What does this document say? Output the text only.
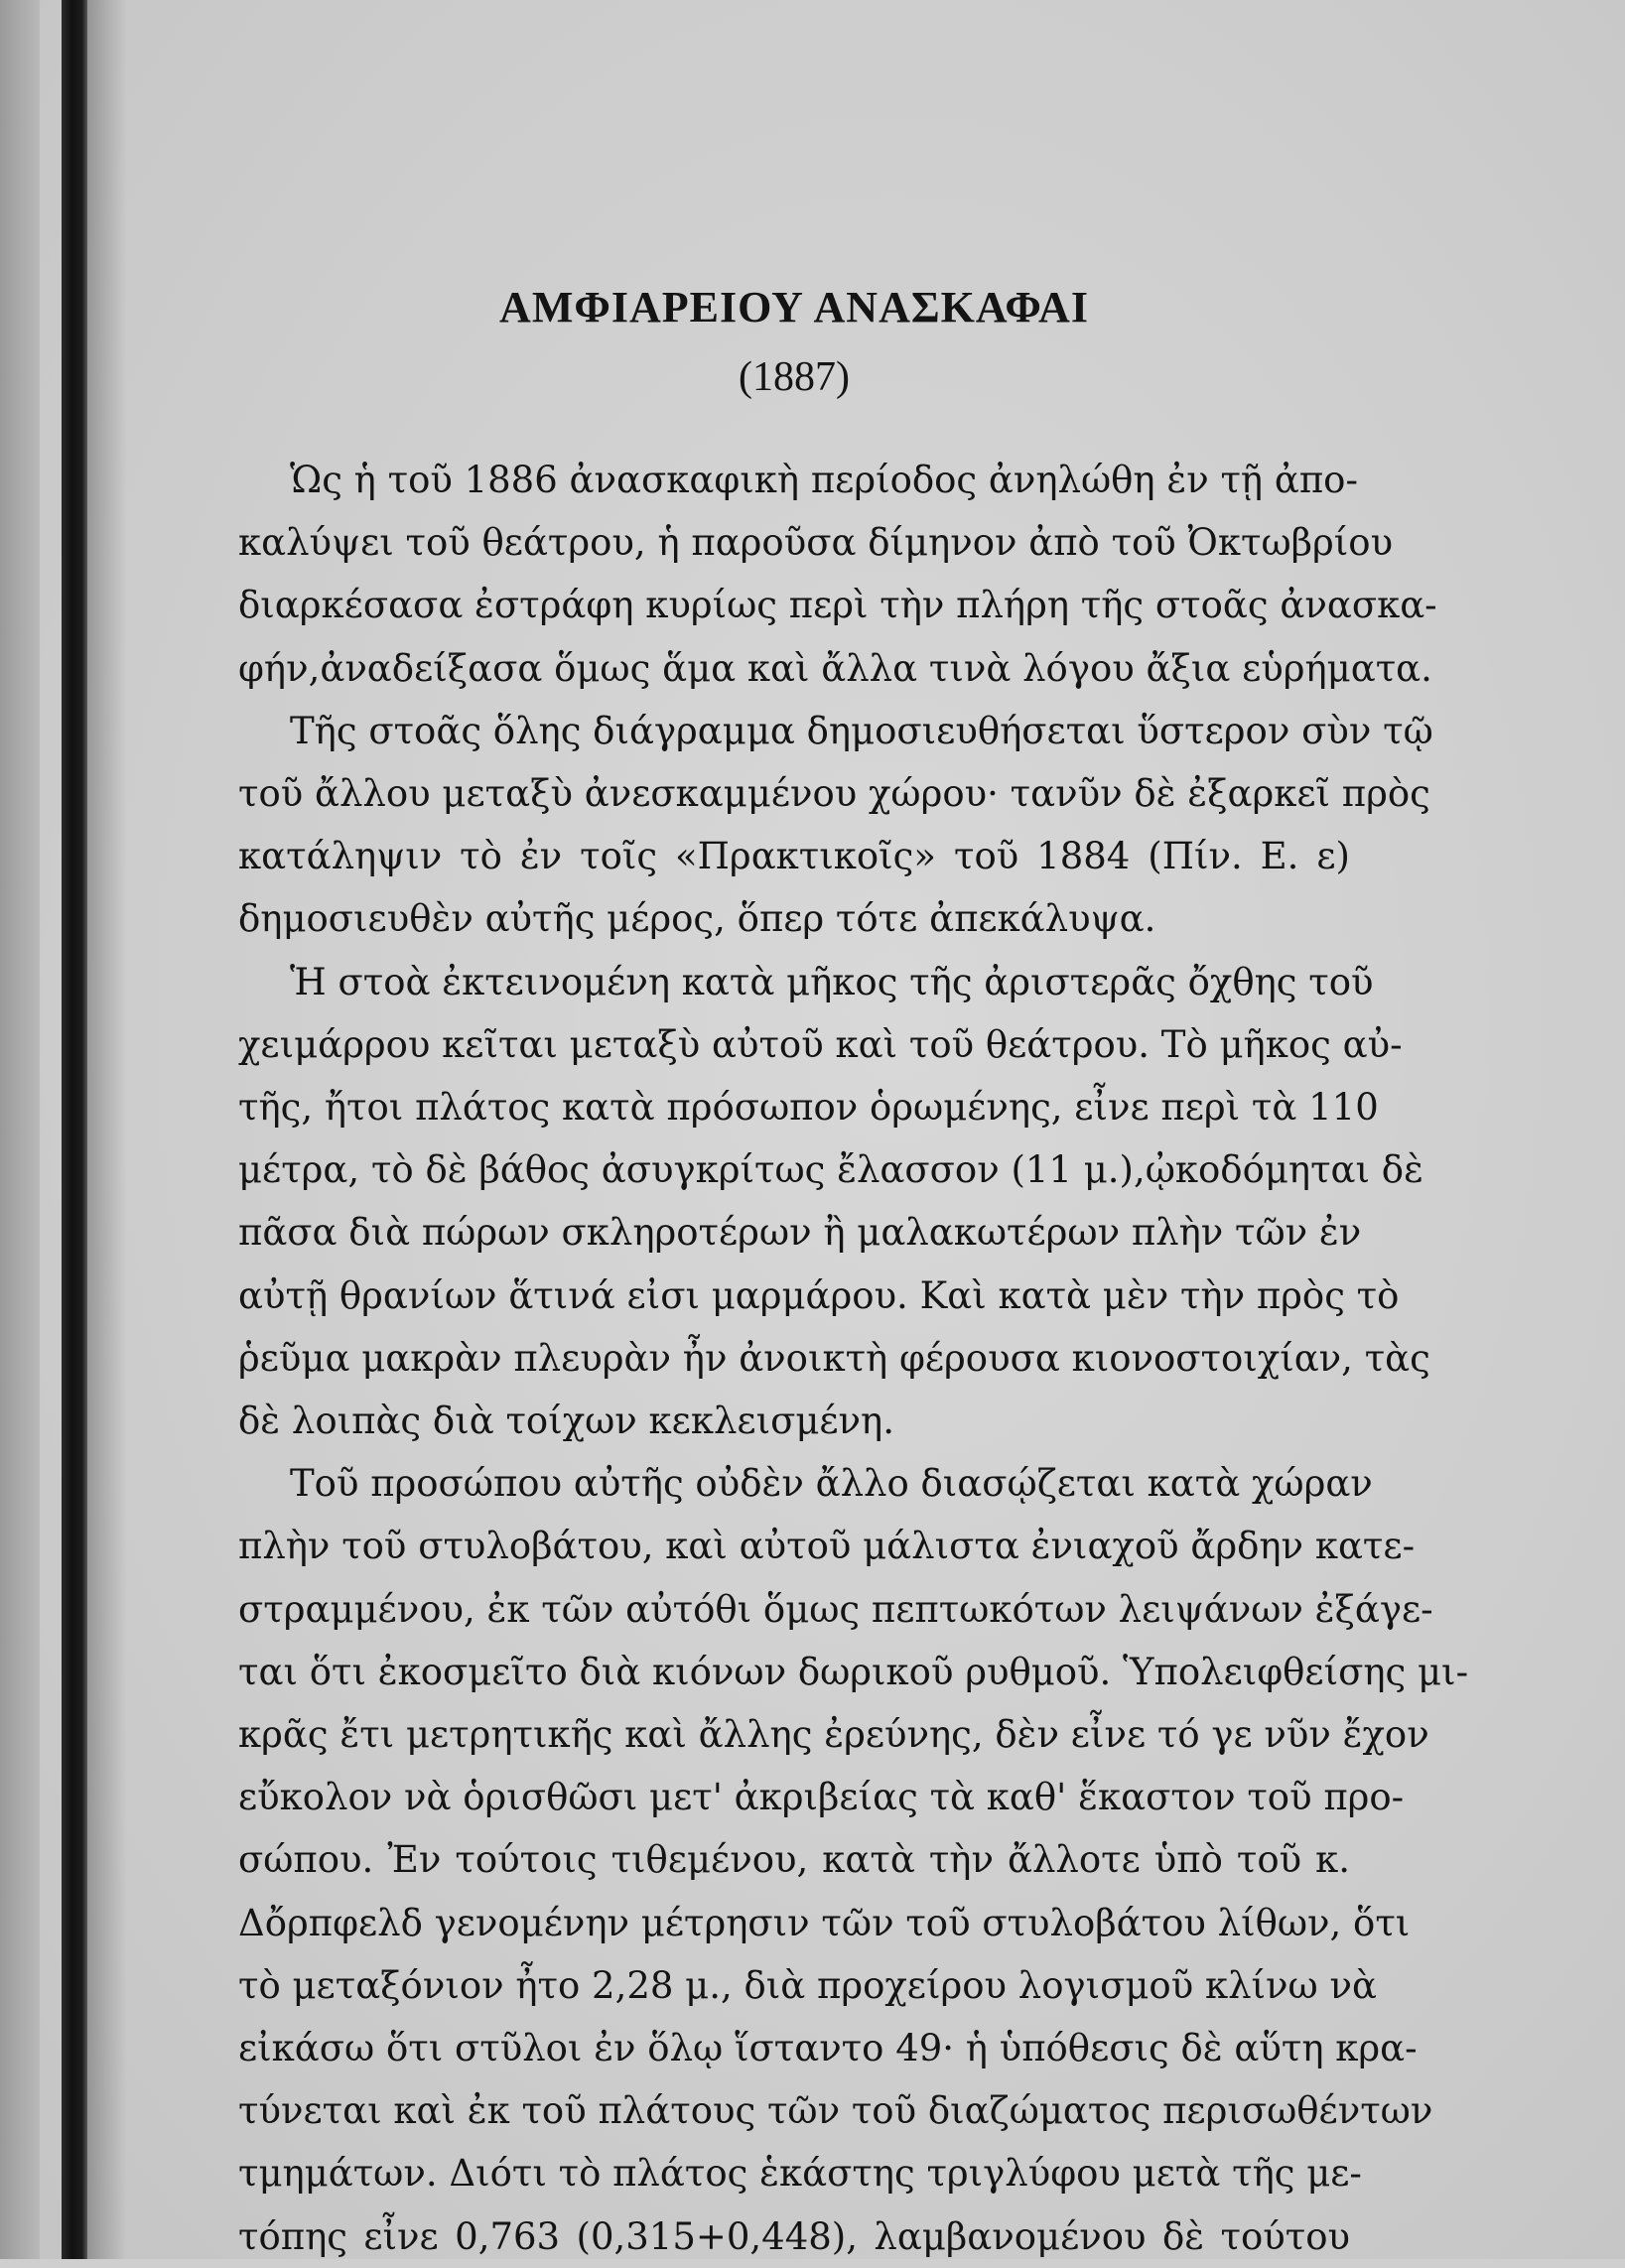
ΑΜΦΙΑΡΕΙΟΥ ΑΝΑΣΚΑΦΑΙ
(1887)
Ὡς ἡ τοῦ 1886 ἀνασκαφικὴ περίοδος ἀνηλώθη ἐν τῇ ἀπο-
καλύψει τοῦ θεάτρου, ἡ παροῦσα δίμηνον ἀπὸ τοῦ Ὀκτωβρίου
διαρκέσασα ἐστράφη κυρίως περὶ τὴν πλήρη τῆς στοᾶς ἀνασκα-
φήν,ἀναδείξασα ὅμως ἅμα καὶ ἄλλα τινὰ λόγου ἄξια εὑρήματα.
Τῆς στοᾶς ὅλης διάγραμμα δημοσιευθήσεται ὕστερον σὺν τῷ
τοῦ ἄλλου μεταξὺ ἀνεσκαμμένου χώρου· τανῦν δὲ ἐξαρκεῖ πρὸς
κατάληψιν τὸ ἐν τοῖς «Πρακτικοῖς» τοῦ 1884 (Πίν. Ε. ε)
δημοσιευθὲν αὐτῆς μέρος, ὅπερ τότε ἀπεκάλυψα.
Ἡ στοὰ ἐκτεινομένη κατὰ μῆκος τῆς ἀριστερᾶς ὄχθης τοῦ
χειμάρρου κεῖται μεταξὺ αὐτοῦ καὶ τοῦ θεάτρου. Τὸ μῆκος αὐ-
τῆς, ἤτοι πλάτος κατὰ πρόσωπον ὁρωμένης, εἶνε περὶ τὰ 110
μέτρα, τὸ δὲ βάθος ἀσυγκρίτως ἔλασσον (11 μ.),ᾠκοδόμηται δὲ
πᾶσα διὰ πώρων σκληροτέρων ἢ μαλακωτέρων πλὴν τῶν ἐν
αὐτῇ θρανίων ἅτινά εἰσι μαρμάρου. Καὶ κατὰ μὲν τὴν πρὸς τὸ
ῥεῦμα μακρὰν πλευρὰν ἦν ἀνοικτὴ φέρουσα κιονοστοιχίαν, τὰς
δὲ λοιπὰς διὰ τοίχων κεκλεισμένη.
Τοῦ προσώπου αὐτῆς οὐδὲν ἄλλο διασῴζεται κατὰ χώραν
πλὴν τοῦ στυλοβάτου, καὶ αὐτοῦ μάλιστα ἐνιαχοῦ ἄρδην κατε-
στραμμένου, ἐκ τῶν αὐτόθι ὅμως πεπτωκότων λειψάνων ἐξάγε-
ται ὅτι ἐκοσμεῖτο διὰ κιόνων δωρικοῦ ρυθμοῦ. Ὑπολειφθείσης μι-
κρᾶς ἔτι μετρητικῆς καὶ ἄλλης ἐρεύνης, δὲν εἶνε τό γε νῦν ἔχον
εὔκολον νὰ ὁρισθῶσι μετ' ἀκριβείας τὰ καθ' ἕκαστον τοῦ προ-
σώπου. Ἐν τούτοις τιθεμένου, κατὰ τὴν ἄλλοτε ὑπὸ τοῦ κ.
Δὄρπφελδ γενομένην μέτρησιν τῶν τοῦ στυλοβάτου λίθων, ὅτι
τὸ μεταξόνιον ἦτο 2,28 μ., διὰ προχείρου λογισμοῦ κλίνω νὰ
εἰκάσω ὅτι στῦλοι ἐν ὅλῳ ἵσταντο 49· ἡ ὑπόθεσις δὲ αὕτη κρα-
τύνεται καὶ ἐκ τοῦ πλάτους τῶν τοῦ διαζώματος περισωθέντων
τμημάτων. Διότι τὸ πλάτος ἑκάστης τριγλύφου μετὰ τῆς με-
τόπης εἶνε 0,763 (0,315+0,448), λαμβανομένου δὲ τούτου
